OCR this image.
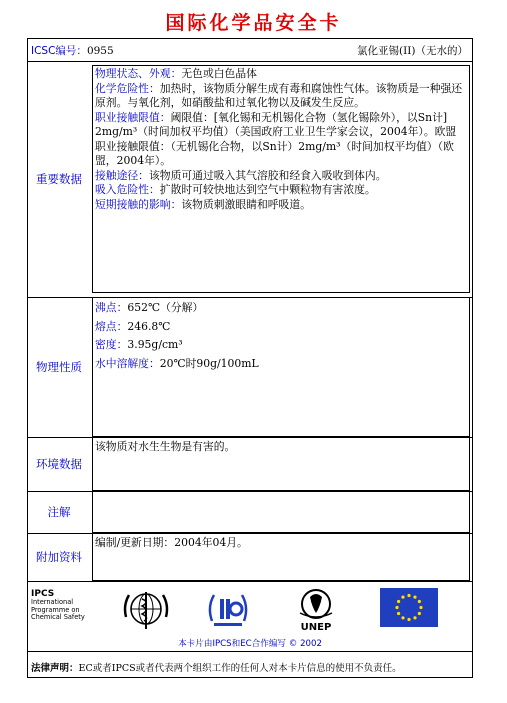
国际化学品安全卡
ICSC编号：0955	氯化亚锡(II)（无水的）
重要数据
物理状态、外观：无色或白色晶体
化学危险性：加热时，该物质分解生成有毒和腐蚀性气体。该物质是一种强还原剂。与氧化剂，如硝酸盐和过氧化物以及碱发生反应。
职业接触限值：阈限值：[氧化锡和无机锡化合物（氢化锡除外），以Sn计] 2mg/m³（时间加权平均值）（美国政府工业卫生学家会议，2004年）。欧盟职业接触限值：（无机锡化合物，以Sn计）2mg/m³（时间加权平均值）（欧盟，2004年）。
接触途径：该物质可通过吸入其气溶胶和经食入吸收到体内。
吸入危险性：扩散时可较快地达到空气中颗粒物有害浓度。
短期接触的影响：该物质刺激眼睛和呼吸道。
物理性质
沸点：652℃（分解）
熔点：246.8℃
密度：3.95g/cm³
水中溶解度：20℃时90g/100mL
环境数据
该物质对水生生物是有害的。
注解
附加资料
编制/更新日期：2004年04月。
IPCS
International
Programme on
Chemical Safety
UNEP
本卡片由IPCS和EC合作编写 © 2002
法律声明：EC或者IPCS或者代表两个组织工作的任何人对本卡片信息的使用不负责任。
